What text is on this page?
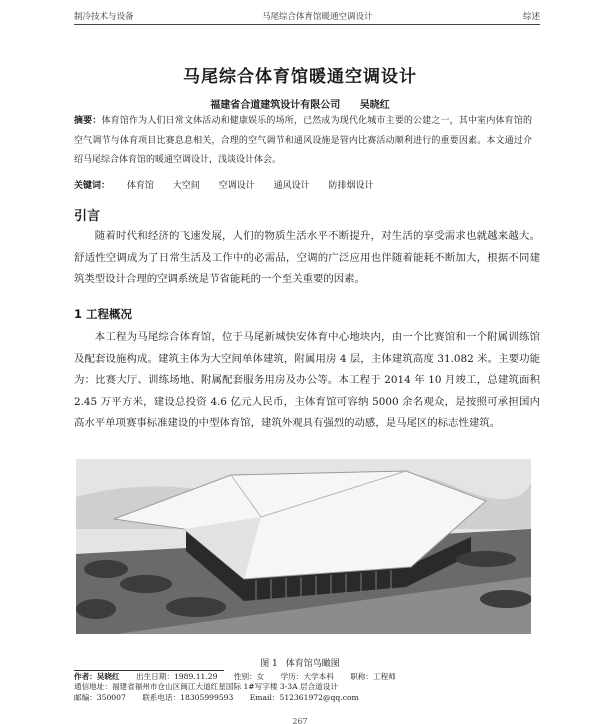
制冷技术与设备	马尾综合体育馆暖通空调设计	综述
马尾综合体育馆暖通空调设计
福建省合道建筑设计有限公司 吴晓红
摘要：体育馆作为人们日常文体活动和健康娱乐的场所，已然成为现代化城市主要的公建之一，其中室内体育馆的空气调节与体育项目比赛息息相关，合理的空气调节和通风设施是管内比赛活动顺利进行的重要因素。本文通过介绍马尾综合体育馆的暖通空调设计，浅谈设计体会。
关键词： 体育馆 大空间 空调设计 通风设计 防排烟设计
引言

随着时代和经济的飞速发展，人们的物质生活水平不断提升，对生活的享受需求也就越来越大。舒适性空调成为了日常生活及工作中的必需品，空调的广泛应用也伴随着能耗不断加大，根据不同建筑类型设计合理的空调系统是节省能耗的一个至关重要的因素。

1 工程概况

本工程为马尾综合体育馆，位于马尾新城快安体育中心地块内，由一个比赛馆和一个附属训练馆及配套设施构成。建筑主体为大空间单体建筑，附属用房 4 层，主体建筑高度 31.082 米。主要功能为：比赛大厅、训练场地、附属配套服务用房及办公等。本工程于 2014 年 10 月竣工，总建筑面积 2.45 万平方米，建设总投资 4.6 亿元人民币，主体育馆可容纳 5000 余名观众，是按照可承担国内高水平单项赛事标准建设的中型体育馆，建筑外观具有强烈的动感，是马尾区的标志性建筑。

图 1 体育馆鸟瞰图
作者：吴晓红 出生日期：1989.11.29 性别：女 学历：大学本科 职称：工程师
通信地址：福建省福州市仓山区闽江大道红星国际 1#写字楼 3-3A 层合道设计
邮编：350007 联系电话：18305999593 Email：512361972@qq.com
267
